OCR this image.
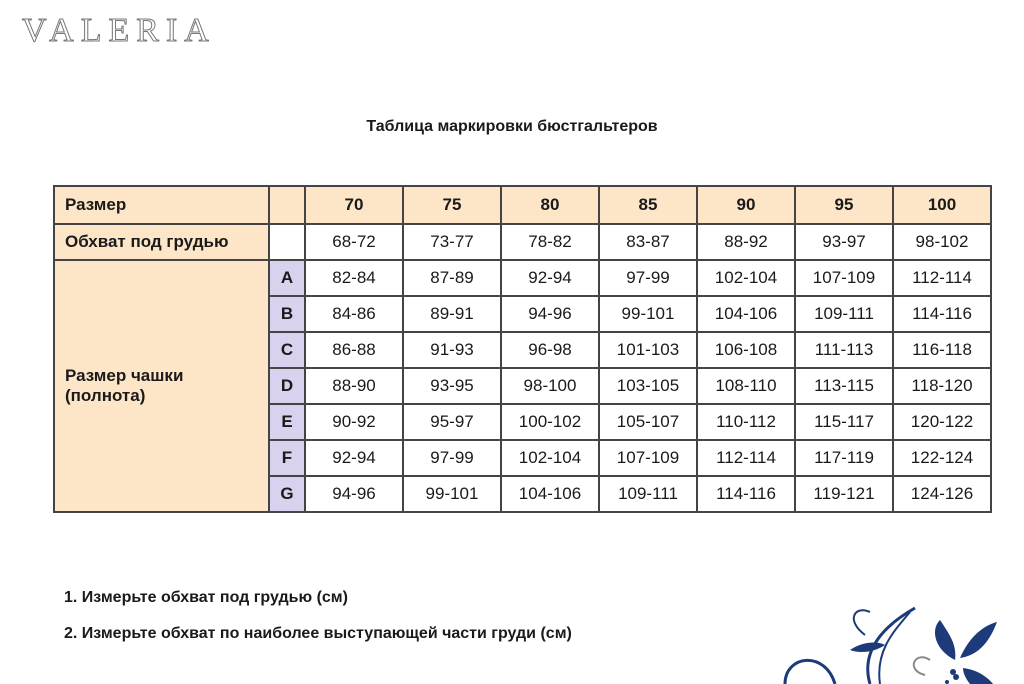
VALERIA
Таблица маркировки бюстгальтеров
Размер		70	75	80	85	90	95	100
Обхват под грудью		68-72	73-77	78-82	83-87	88-92	93-97	98-102
Размер чашки (полнота)	A	82-84	87-89	92-94	97-99	102-104	107-109	112-114
	B	84-86	89-91	94-96	99-101	104-106	109-111	114-116
	C	86-88	91-93	96-98	101-103	106-108	111-113	116-118
	D	88-90	93-95	98-100	103-105	108-110	113-115	118-120
	E	90-92	95-97	100-102	105-107	110-112	115-117	120-122
	F	92-94	97-99	102-104	107-109	112-114	117-119	122-124
	G	94-96	99-101	104-106	109-111	114-116	119-121	124-126
1. Измерьте обхват под грудью (см)
2. Измерьте обхват по наиболее выступающей части груди (см)
